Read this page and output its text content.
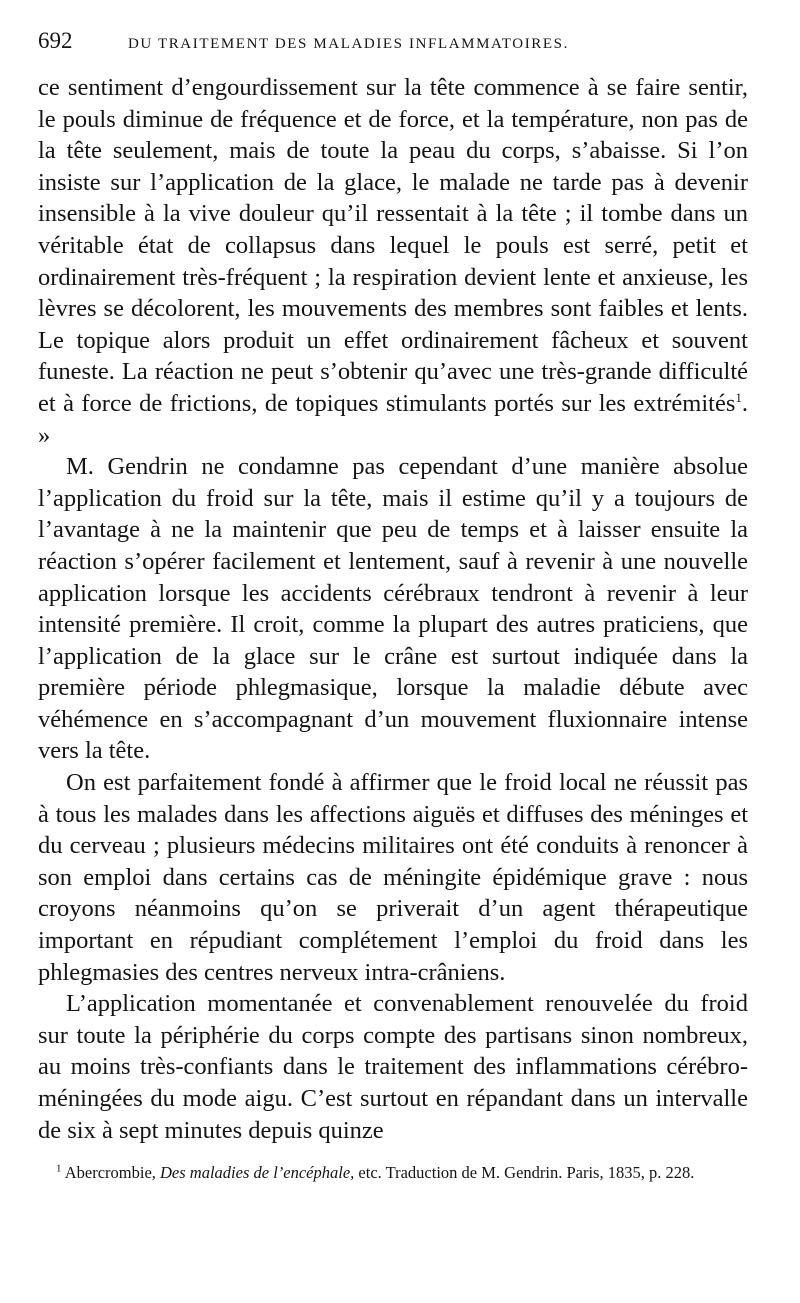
692	DU TRAITEMENT DES MALADIES INFLAMMATOIRES.

ce sentiment d’engourdissement sur la tête commence à se faire sentir, le pouls diminue de fréquence et de force, et la température, non pas de la tête seulement, mais de toute la peau du corps, s’abaisse. Si l’on insiste sur l’application de la glace, le malade ne tarde pas à devenir insensible à la vive douleur qu’il ressentait à la tête ; il tombe dans un véritable état de collapsus dans lequel le pouls est serré, petit et ordinairement très-fréquent ; la respiration devient lente et anxieuse, les lèvres se décolorent, les mouvements des membres sont faibles et lents. Le topique alors produit un effet ordinairement fâcheux et souvent funeste. La réaction ne peut s’obtenir qu’avec une très-grande difficulté et à force de frictions, de topiques stimulants portés sur les extrémités$^1$. »

M. Gendrin ne condamne pas cependant d’une manière absolue l’application du froid sur la tête, mais il estime qu’il y a toujours de l’avantage à ne la maintenir que peu de temps et à laisser ensuite la réaction s’opérer facilement et lentement, sauf à revenir à une nouvelle application lorsque les accidents cérébraux tendront à revenir à leur intensité première. Il croit, comme la plupart des autres praticiens, que l’application de la glace sur le crâne est surtout indiquée dans la première période phlegmasique, lorsque la maladie débute avec véhémence en s’accompagnant d’un mouvement fluxionnaire intense vers la tête.

On est parfaitement fondé à affirmer que le froid local ne réussit pas à tous les malades dans les affections aiguës et diffuses des méninges et du cerveau ; plusieurs médecins militaires ont été conduits à renoncer à son emploi dans certains cas de méningite épidémique grave : nous croyons néanmoins qu’on se priverait d’un agent thérapeutique important en répudiant complétement l’emploi du froid dans les phlegmasies des centres nerveux intra-crâniens.

L’application momentanée et convenablement renouvelée du froid sur toute la périphérie du corps compte des partisans sinon nombreux, au moins très-confiants dans le traitement des inflammations cérébro-méningées du mode aigu. C’est surtout en répandant dans un intervalle de six à sept minutes depuis quinze

$^1$ Abercrombie, Des maladies de l’encéphale, etc. Traduction de M. Gendrin. Paris, 1835, p. 228.
